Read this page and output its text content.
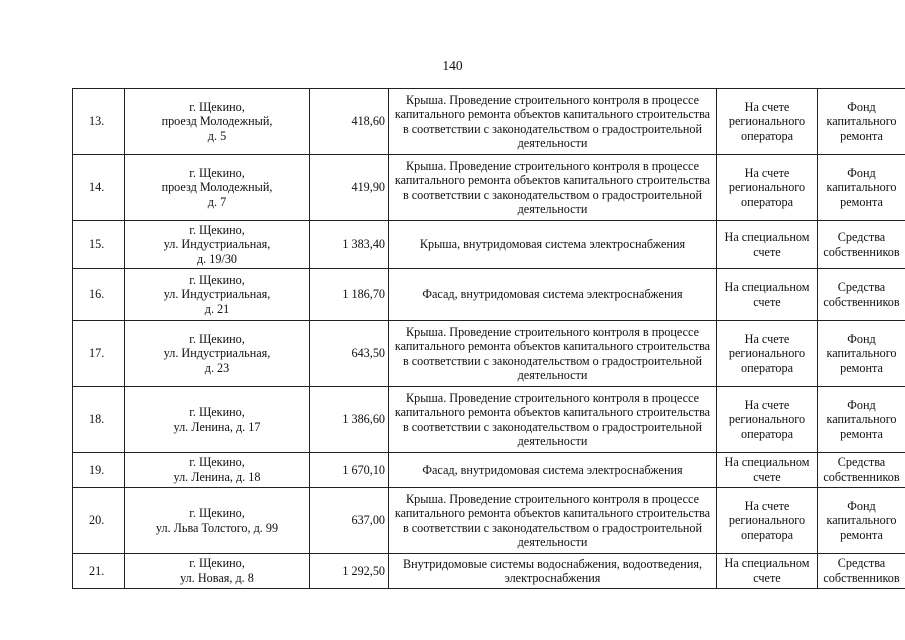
140
13.	г. Щекино,
проезд Молодежный,
д. 5	418,60	Крыша. Проведение строительного контроля в процессе капитального ремонта объектов капитального строительства в соответствии с законодательством о градостроительной деятельности	На счете
регионального
оператора	Фонд
капитального
ремонта
14.	г. Щекино,
проезд Молодежный,
д. 7	419,90	Крыша. Проведение строительного контроля в процессе капитального ремонта объектов капитального строительства в соответствии с законодательством о градостроительной деятельности	На счете
регионального
оператора	Фонд
капитального
ремонта
15.	г. Щекино,
ул. Индустриальная,
д. 19/30	1 383,40	Крыша, внутридомовая система электроснабжения	На специальном
счете	Средства
собственников
16.	г. Щекино,
ул. Индустриальная,
д. 21	1 186,70	Фасад, внутридомовая система электроснабжения	На специальном
счете	Средства
собственников
17.	г. Щекино,
ул. Индустриальная,
д. 23	643,50	Крыша. Проведение строительного контроля в процессе капитального ремонта объектов капитального строительства в соответствии с законодательством о градостроительной деятельности	На счете
регионального
оператора	Фонд
капитального
ремонта
18.	г. Щекино,
ул. Ленина, д. 17	1 386,60	Крыша. Проведение строительного контроля в процессе капитального ремонта объектов капитального строительства в соответствии с законодательством о градостроительной деятельности	На счете
регионального
оператора	Фонд
капитального
ремонта
19.	г. Щекино,
ул. Ленина, д. 18	1 670,10	Фасад, внутридомовая система электроснабжения	На специальном
счете	Средства
собственников
20.	г. Щекино,
ул. Льва Толстого, д. 99	637,00	Крыша. Проведение строительного контроля в процессе капитального ремонта объектов капитального строительства в соответствии с законодательством о градостроительной деятельности	На счете
регионального
оператора	Фонд
капитального
ремонта
21.	г. Щекино,
ул. Новая, д. 8	1 292,50	Внутридомовые системы водоснабжения, водоотведения, электроснабжения	На специальном
счете	Средства
собственников
